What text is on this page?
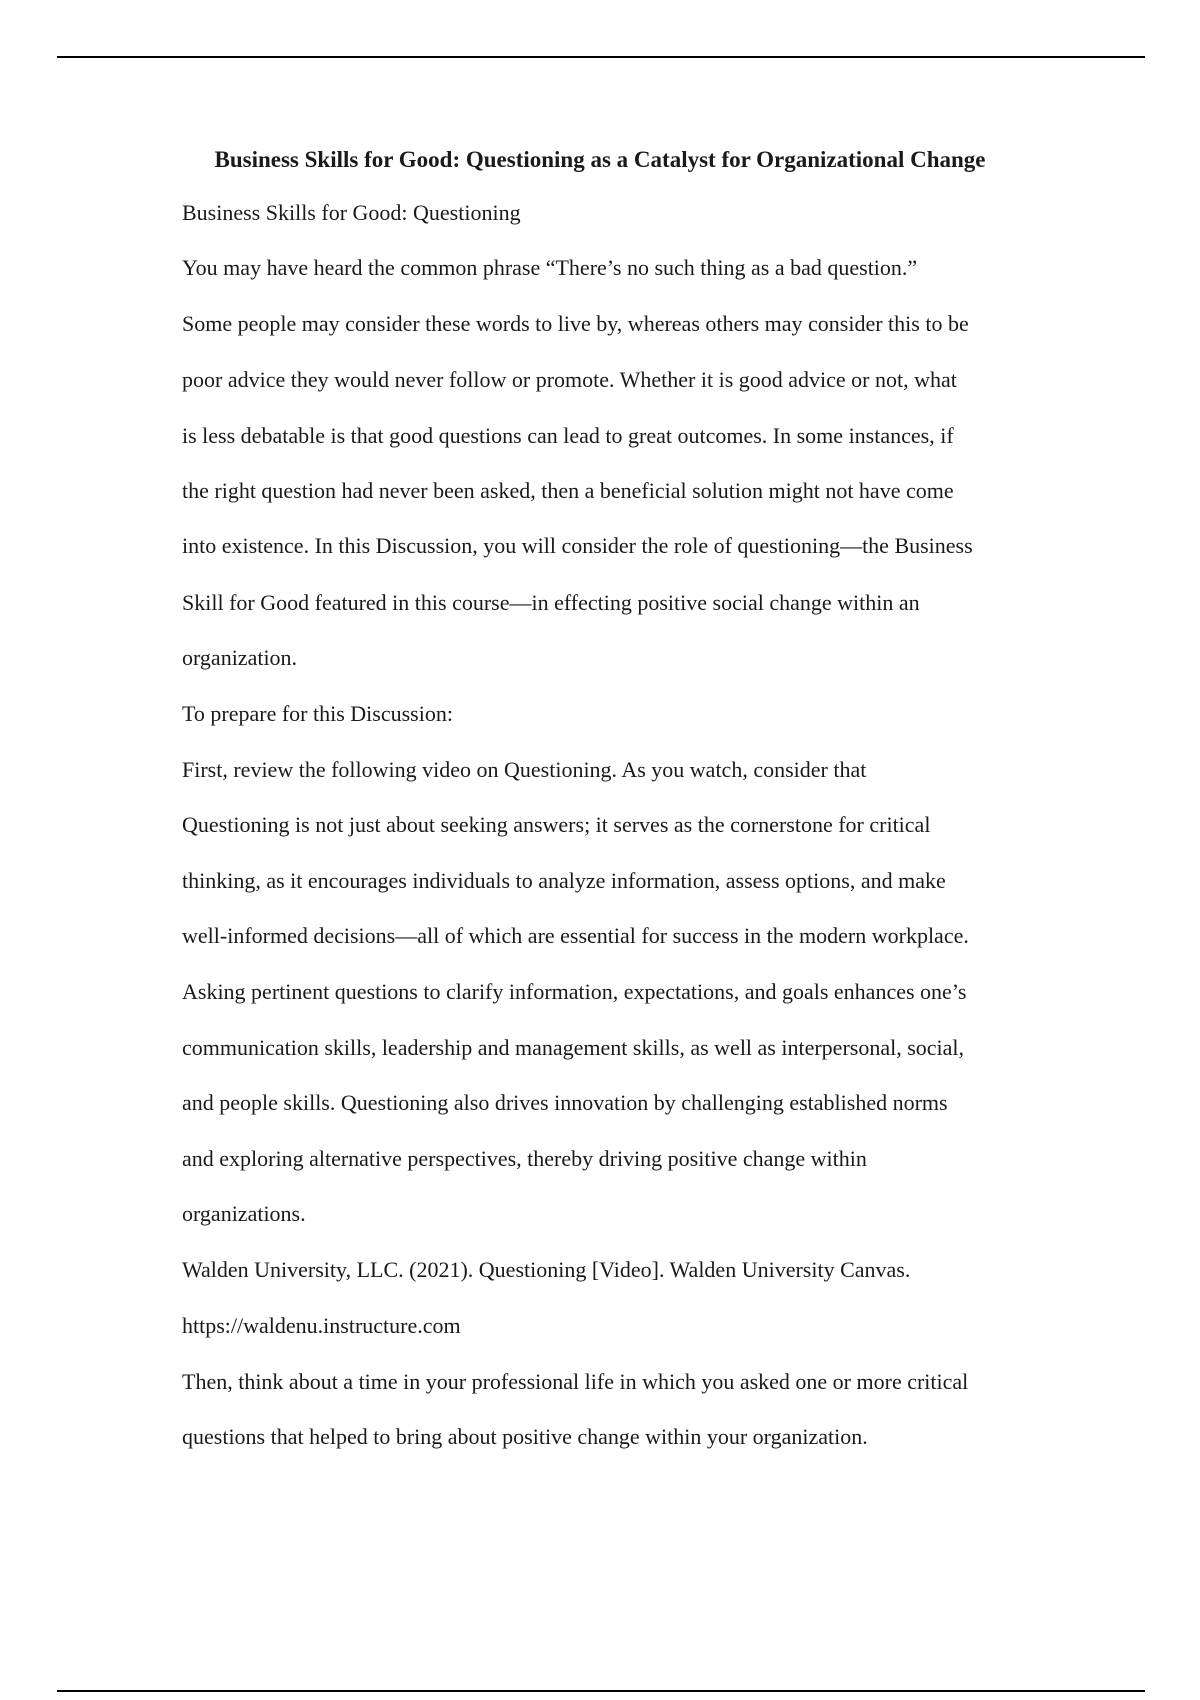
Business Skills for Good: Questioning as a Catalyst for Organizational Change
Business Skills for Good: Questioning
You may have heard the common phrase “There’s no such thing as a bad question.”
Some people may consider these words to live by, whereas others may consider this to be
poor advice they would never follow or promote. Whether it is good advice or not, what
is less debatable is that good questions can lead to great outcomes. In some instances, if
the right question had never been asked, then a beneficial solution might not have come
into existence. In this Discussion, you will consider the role of questioning—the Business
Skill for Good featured in this course—in effecting positive social change within an
organization.
To prepare for this Discussion:
First, review the following video on Questioning. As you watch, consider that
Questioning is not just about seeking answers; it serves as the cornerstone for critical
thinking, as it encourages individuals to analyze information, assess options, and make
well-informed decisions—all of which are essential for success in the modern workplace.
Asking pertinent questions to clarify information, expectations, and goals enhances one’s
communication skills, leadership and management skills, as well as interpersonal, social,
and people skills. Questioning also drives innovation by challenging established norms
and exploring alternative perspectives, thereby driving positive change within
organizations.
Walden University, LLC. (2021). Questioning [Video]. Walden University Canvas.
https://waldenu.instructure.com
Then, think about a time in your professional life in which you asked one or more critical
questions that helped to bring about positive change within your organization.
